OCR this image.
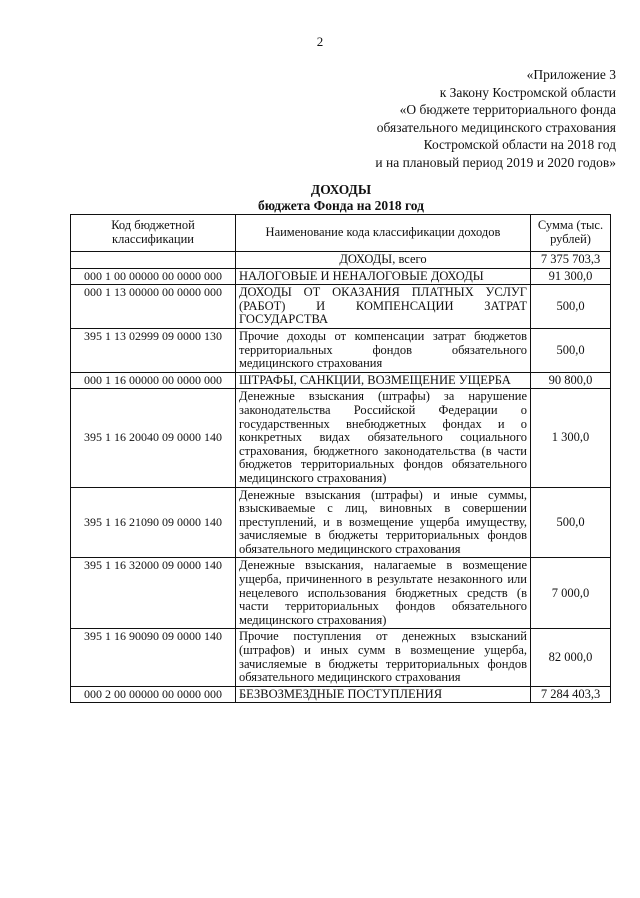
2
«Приложение 3
к Закону Костромской области
«О бюджете территориального фонда
обязательного медицинского страхования
Костромской области на 2018 год
и на плановый период 2019 и 2020 годов»
ДОХОДЫ
бюджета Фонда на 2018 год
Код бюджетной классификации	Наименование кода классификации доходов	Сумма (тыс. рублей)
	ДОХОДЫ, всего	7 375 703,3
000 1 00 00000 00 0000 000	НАЛОГОВЫЕ И НЕНАЛОГОВЫЕ ДОХОДЫ	91 300,0
000 1 13 00000 00 0000 000	ДОХОДЫ ОТ ОКАЗАНИЯ ПЛАТНЫХ УСЛУГ (РАБОТ) И КОМПЕНСАЦИИ ЗАТРАТ ГОСУДАРСТВА	500,0
395 1 13 02999 09 0000 130	Прочие доходы от компенсации затрат бюджетов территориальных фондов обязательного медицинского страхования	500,0
000 1 16 00000 00 0000 000	ШТРАФЫ, САНКЦИИ, ВОЗМЕЩЕНИЕ УЩЕРБА	90 800,0
395 1 16 20040 09 0000 140	Денежные взыскания (штрафы) за нарушение законодательства Российской Федерации о государственных внебюджетных фондах и о конкретных видах обязательного социального страхования, бюджетного законодательства (в части бюджетов территориальных фондов обязательного медицинского страхования)	1 300,0
395 1 16 21090 09 0000 140	Денежные взыскания (штрафы) и иные суммы, взыскиваемые с лиц, виновных в совершении преступлений, и в возмещение ущерба имуществу, зачисляемые в бюджеты территориальных фондов обязательного медицинского страхования	500,0
395 1 16 32000 09 0000 140	Денежные взыскания, налагаемые в возмещение ущерба, причиненного в результате незаконного или нецелевого использования бюджетных средств (в части территориальных фондов обязательного медицинского страхования)	7 000,0
395 1 16 90090 09 0000 140	Прочие поступления от денежных взысканий (штрафов) и иных сумм в возмещение ущерба, зачисляемые в бюджеты территориальных фондов обязательного медицинского страхования	82 000,0
000 2 00 00000 00 0000 000	БЕЗВОЗМЕЗДНЫЕ ПОСТУПЛЕНИЯ	7 284 403,3
